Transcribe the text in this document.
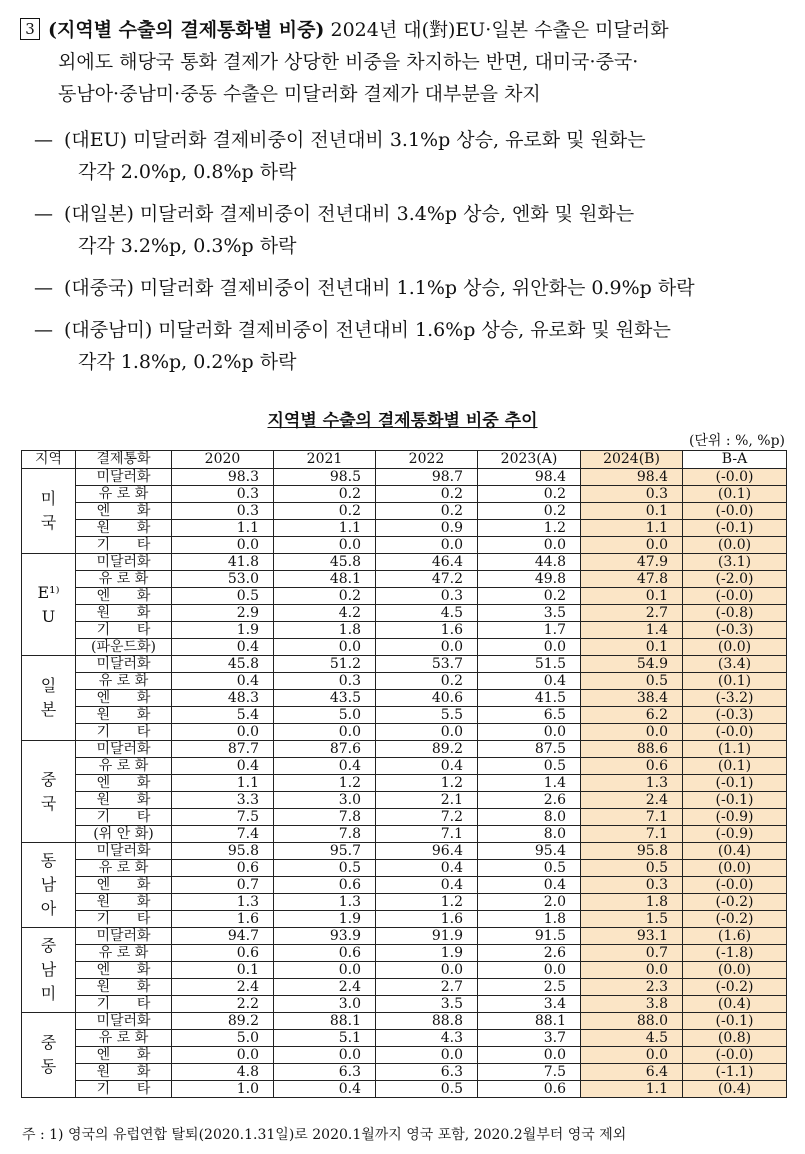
3 (지역별 수출의 결제통화별 비중) 2024년 대(對)EU·일본 수출은 미달러화
외에도 해당국 통화 결제가 상당한 비중을 차지하는 반면, 대미국·중국·
동남아·중남미·중동 수출은 미달러화 결제가 대부분을 차지
— (대EU) 미달러화 결제비중이 전년대비 3.1%p 상승, 유로화 및 원화는
각각 2.0%p, 0.8%p 하락
— (대일본) 미달러화 결제비중이 전년대비 3.4%p 상승, 엔화 및 원화는
각각 3.2%p, 0.3%p 하락
— (대중국) 미달러화 결제비중이 전년대비 1.1%p 상승, 위안화는 0.9%p 하락
— (대중남미) 미달러화 결제비중이 전년대비 1.6%p 상승, 유로화 및 원화는
각각 1.8%p, 0.2%p 하락
지역별 수출의 결제통화별 비중 추이
(단위 : %, %p)
지역	결제통화	2020	2021	2022	2023(A)	2024(B)	B-A
미
국	미달러화	98.3	98.5	98.7	98.4	98.4	(-0.0)
	유 로 화	0.3	0.2	0.2	0.2	0.3	(0.1)
	엔      화	0.3	0.2	0.2	0.2	0.1	(-0.0)
	원      화	1.1	1.1	0.9	1.2	1.1	(-0.1)
	기      타	0.0	0.0	0.0	0.0	0.0	(0.0)
E¹⁾
U	미달러화	41.8	45.8	46.4	44.8	47.9	(3.1)
	유 로 화	53.0	48.1	47.2	49.8	47.8	(-2.0)
	엔      화	0.5	0.2	0.3	0.2	0.1	(-0.0)
	원      화	2.9	4.2	4.5	3.5	2.7	(-0.8)
	기      타	1.9	1.8	1.6	1.7	1.4	(-0.3)
	(파운드화)	0.4	0.0	0.0	0.0	0.1	(0.0)
일
본	미달러화	45.8	51.2	53.7	51.5	54.9	(3.4)
	유 로 화	0.4	0.3	0.2	0.4	0.5	(0.1)
	엔      화	48.3	43.5	40.6	41.5	38.4	(-3.2)
	원      화	5.4	5.0	5.5	6.5	6.2	(-0.3)
	기      타	0.0	0.0	0.0	0.0	0.0	(-0.0)
중
국	미달러화	87.7	87.6	89.2	87.5	88.6	(1.1)
	유 로 화	0.4	0.4	0.4	0.5	0.6	(0.1)
	엔      화	1.1	1.2	1.2	1.4	1.3	(-0.1)
	원      화	3.3	3.0	2.1	2.6	2.4	(-0.1)
	기      타	7.5	7.8	7.2	8.0	7.1	(-0.9)
	(위 안 화)	7.4	7.8	7.1	8.0	7.1	(-0.9)
동
남
아	미달러화	95.8	95.7	96.4	95.4	95.8	(0.4)
	유 로 화	0.6	0.5	0.4	0.5	0.5	(0.0)
	엔      화	0.7	0.6	0.4	0.4	0.3	(-0.0)
	원      화	1.3	1.3	1.2	2.0	1.8	(-0.2)
	기      타	1.6	1.9	1.6	1.8	1.5	(-0.2)
중
남
미	미달러화	94.7	93.9	91.9	91.5	93.1	(1.6)
	유 로 화	0.6	0.6	1.9	2.6	0.7	(-1.8)
	엔      화	0.1	0.0	0.0	0.0	0.0	(0.0)
	원      화	2.4	2.4	2.7	2.5	2.3	(-0.2)
	기      타	2.2	3.0	3.5	3.4	3.8	(0.4)
중
동	미달러화	89.2	88.1	88.8	88.1	88.0	(-0.1)
	유 로 화	5.0	5.1	4.3	3.7	4.5	(0.8)
	엔      화	0.0	0.0	0.0	0.0	0.0	(-0.0)
	원      화	4.8	6.3	6.3	7.5	6.4	(-1.1)
	기      타	1.0	0.4	0.5	0.6	1.1	(0.4)
주 : 1) 영국의 유럽연합 탈퇴(2020.1.31일)로 2020.1월까지 영국 포함, 2020.2월부터 영국 제외
